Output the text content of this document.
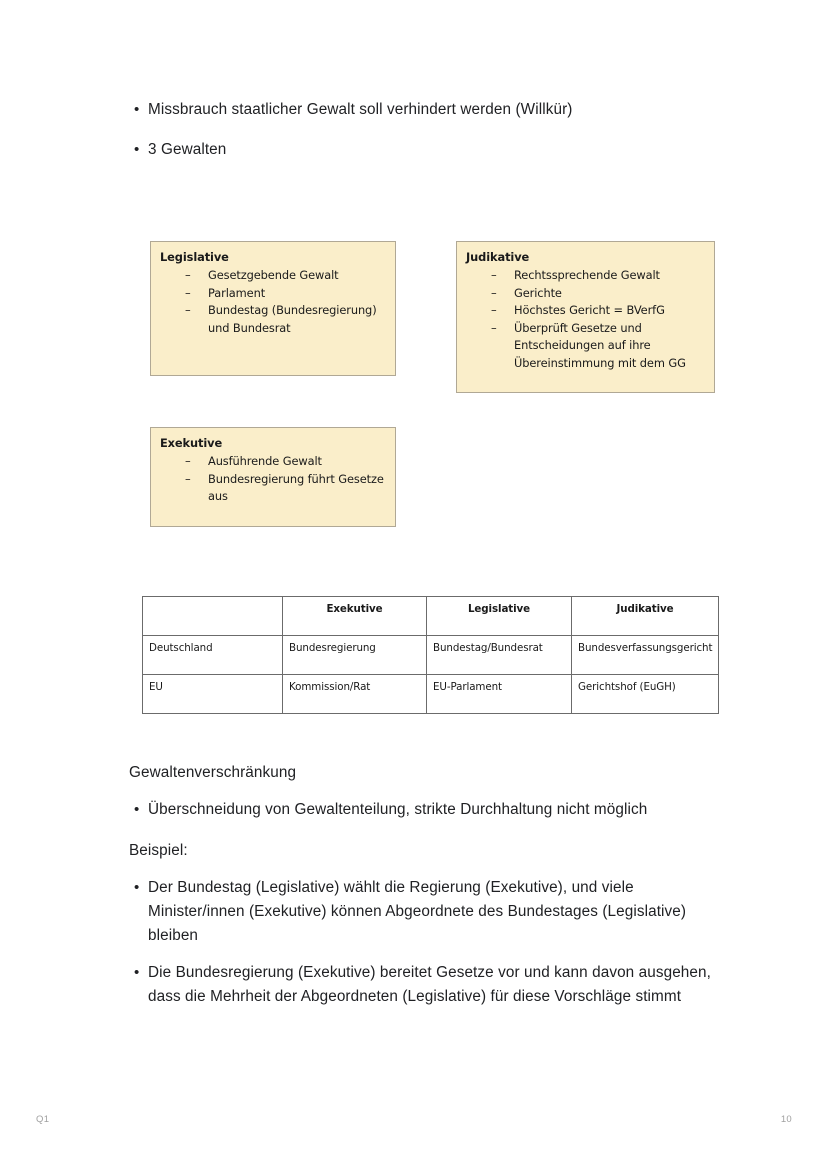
• Missbrauch staatlicher Gewalt soll verhindert werden (Willkür)
• 3 Gewalten
Legislative
– Gesetzgebende Gewalt
– Parlament
– Bundestag (Bundesregierung) und Bundesrat
Judikative
– Rechtssprechende Gewalt
– Gerichte
– Höchstes Gericht = BVerfG
– Überprüft Gesetze und Entscheidungen auf ihre Übereinstimmung mit dem GG
Exekutive
– Ausführende Gewalt
– Bundesregierung führt Gesetze aus
	Exekutive	Legislative	Judikative
Deutschland	Bundesregierung	Bundestag/Bundesrat	Bundesverfassungsgericht
EU	Kommission/Rat	EU-Parlament	Gerichtshof (EuGH)

Gewaltenverschränkung

• Überschneidung von Gewaltenteilung, strikte Durchhaltung nicht möglich

Beispiel:

• Der Bundestag (Legislative) wählt die Regierung (Exekutive), und viele Minister/innen (Exekutive) können Abgeordnete des Bundestages (Legislative) bleiben
• Die Bundesregierung (Exekutive) bereitet Gesetze vor und kann davon ausgehen, dass die Mehrheit der Abgeordneten (Legislative) für diese Vorschläge stimmt
Q1	10
